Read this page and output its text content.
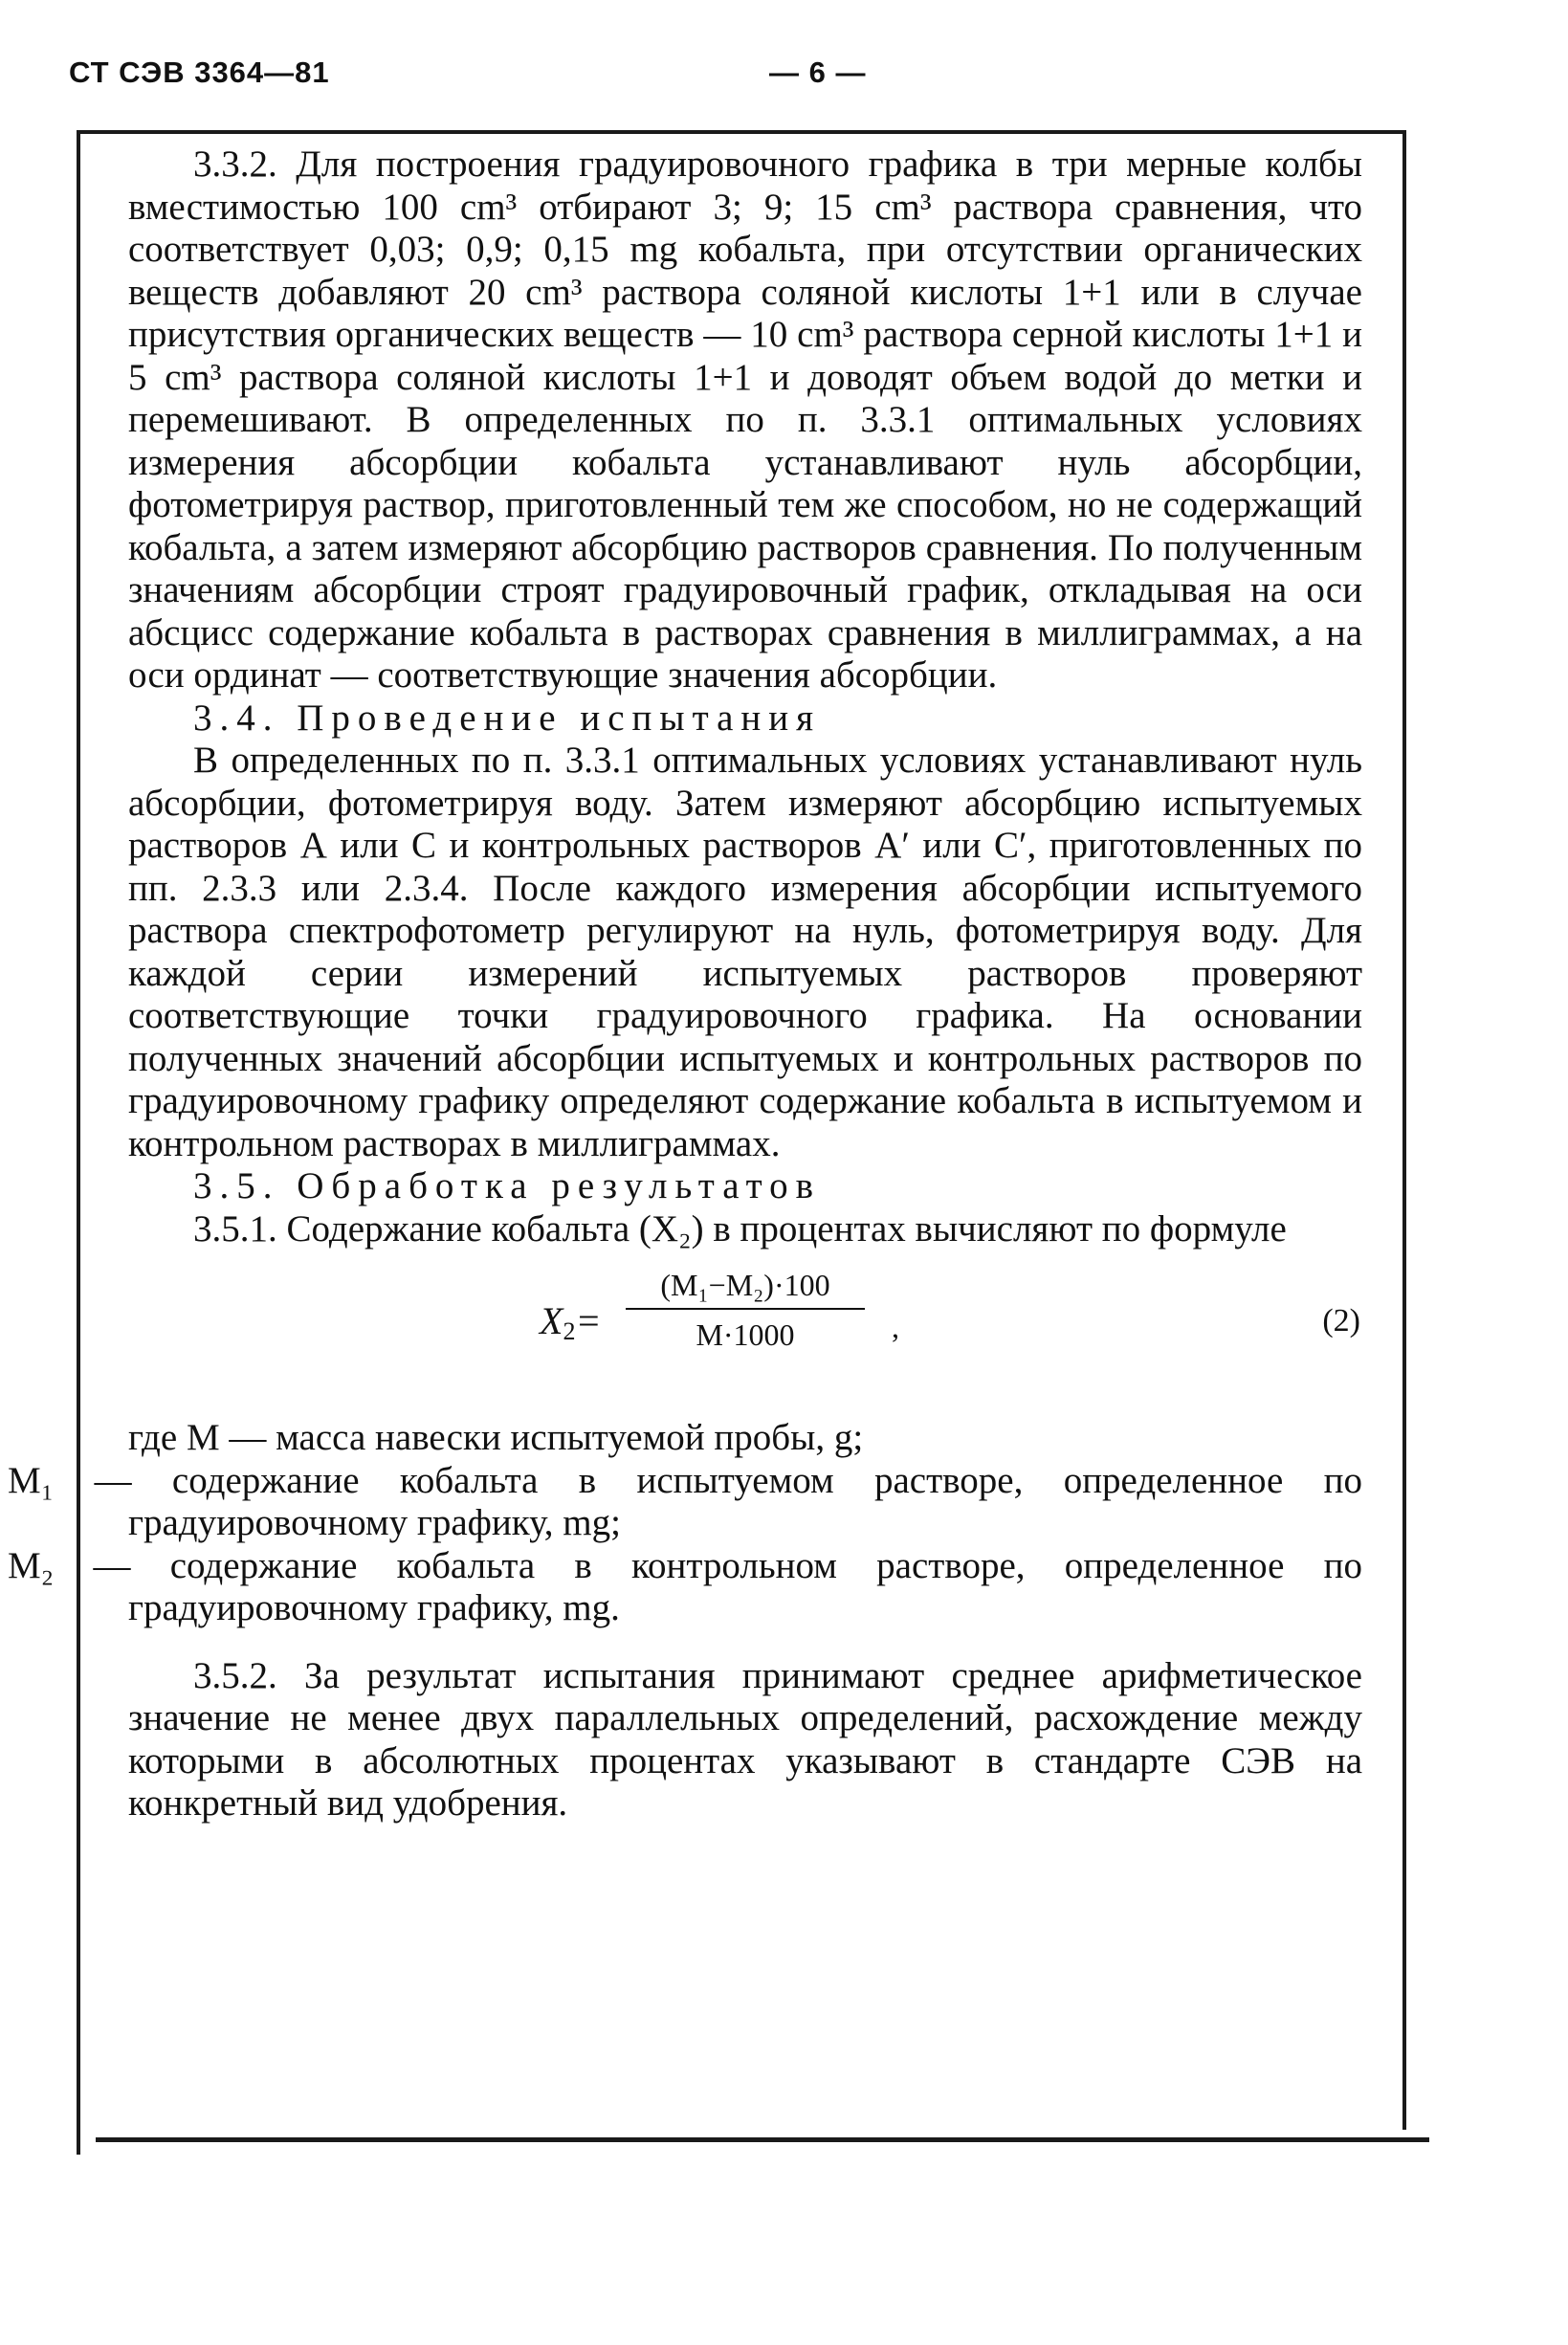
СТ СЭВ 3364—81	— 6 —

3.3.2. Для построения градуировочного графика в три мерные колбы вместимостью 100 cm³ отбирают 3; 9; 15 cm³ раствора сравнения, что соответствует 0,03; 0,9; 0,15 mg кобальта, при отсутствии органических веществ добавляют 20 cm³ раствора соляной кислоты 1+1 или в случае присутствия органических веществ — 10 cm³ раствора серной кислоты 1+1 и 5 cm³ раствора соляной кислоты 1+1 и доводят объем водой до метки и перемешивают. В определенных по п. 3.3.1 оптимальных условиях измерения абсорбции кобальта устанавливают нуль абсорбции, фотометрируя раствор, приготовленный тем же способом, но не содержащий кобальта, а затем измеряют абсорбцию растворов сравнения. По полученным значениям абсорбции строят градуировочный график, откладывая на оси абсцисс содержание кобальта в растворах сравнения в миллиграммах, а на оси ординат — соответствующие значения абсорбции.

3.4. Проведение испытания

В определенных по п. 3.3.1 оптимальных условиях устанавливают нуль абсорбции, фотометрируя воду. Затем измеряют абсорбцию испытуемых растворов А или С и контрольных растворов А′ или С′, приготовленных по пп. 2.3.3 или 2.3.4. После каждого измерения абсорбции испытуемого раствора спектрофотометр регулируют на нуль, фотометрируя воду. Для каждой серии измерений испытуемых растворов проверяют соответствующие точки градуировочного графика. На основании полученных значений абсорбции испытуемых и контрольных растворов по градуировочному графику определяют содержание кобальта в испытуемом и контрольном растворах в миллиграммах.

3.5. Обработка результатов

3.5.1. Содержание кобальта (X₂) в процентах вычисляют по формуле

$X_2= \frac{\text{(M₁−M₂)·100}}{M\cdot 1000}$ ,	(2)

где M — масса навески испытуемой пробы, g;

M₁ — содержание кобальта в испытуемом растворе, определенное по градуировочному графику, mg;

M₂ — содержание кобальта в контрольном растворе, определенное по градуировочному графику, mg.

3.5.2. За результат испытания принимают среднее арифметическое значение не менее двух параллельных определений, расхождение между которыми в абсолютных процентах указывают в стандарте СЭВ на конкретный вид удобрения.
